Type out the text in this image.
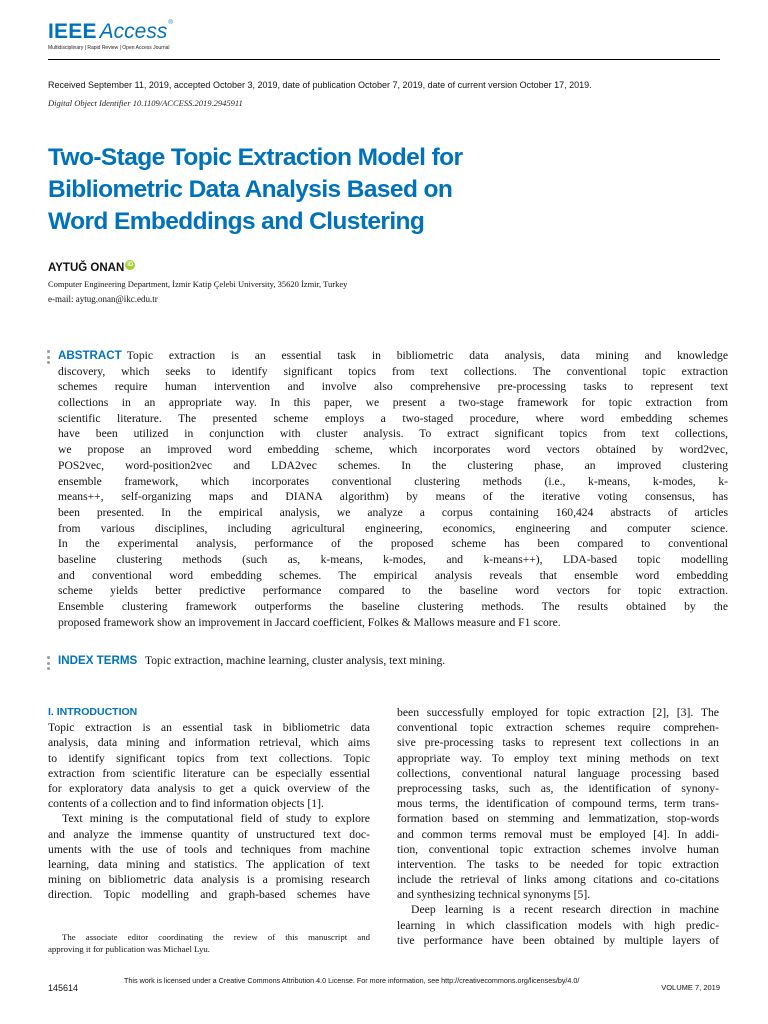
IEEE Access ®
Multidisciplinary | Rapid Review | Open Access Journal
Received September 11, 2019, accepted October 3, 2019, date of publication October 7, 2019, date of current version October 17, 2019.
Digital Object Identifier 10.1109/ACCESS.2019.2945911
Two-Stage Topic Extraction Model for
Bibliometric Data Analysis Based on
Word Embeddings and Clustering
AYTUĞ ONAN iD
Computer Engineering Department, İzmir Katip Çelebi University, 35620 İzmir, Turkey
e-mail: aytug.onan@ikc.edu.tr
ABSTRACT Topic extraction is an essential task in bibliometric data analysis, data mining and knowledge
discovery, which seeks to identify significant topics from text collections. The conventional topic extraction
schemes require human intervention and involve also comprehensive pre-processing tasks to represent text
collections in an appropriate way. In this paper, we present a two-stage framework for topic extraction from
scientific literature. The presented scheme employs a two-staged procedure, where word embedding schemes
have been utilized in conjunction with cluster analysis. To extract significant topics from text collections,
we propose an improved word embedding scheme, which incorporates word vectors obtained by word2vec,
POS2vec, word-position2vec and LDA2vec schemes. In the clustering phase, an improved clustering
ensemble framework, which incorporates conventional clustering methods (i.e., k-means, k-modes, k-
means++, self-organizing maps and DIANA algorithm) by means of the iterative voting consensus, has
been presented. In the empirical analysis, we analyze a corpus containing 160,424 abstracts of articles
from various disciplines, including agricultural engineering, economics, engineering and computer science.
In the experimental analysis, performance of the proposed scheme has been compared to conventional
baseline clustering methods (such as, k-means, k-modes, and k-means++), LDA-based topic modelling
and conventional word embedding schemes. The empirical analysis reveals that ensemble word embedding
scheme yields better predictive performance compared to the baseline word vectors for topic extraction.
Ensemble clustering framework outperforms the baseline clustering methods. The results obtained by the
proposed framework show an improvement in Jaccard coefficient, Folkes & Mallows measure and F1 score.
INDEX TERMS Topic extraction, machine learning, cluster analysis, text mining.
I. INTRODUCTION
Topic extraction is an essential task in bibliometric data
analysis, data mining and information retrieval, which aims
to identify significant topics from text collections. Topic
extraction from scientific literature can be especially essential
for exploratory data analysis to get a quick overview of the
contents of a collection and to find information objects [1].
Text mining is the computational field of study to explore
and analyze the immense quantity of unstructured text doc-
uments with the use of tools and techniques from machine
learning, data mining and statistics. The application of text
mining on bibliometric data analysis is a promising research
direction. Topic modelling and graph-based schemes have
been successfully employed for topic extraction [2], [3]. The
conventional topic extraction schemes require comprehen-
sive pre-processing tasks to represent text collections in an
appropriate way. To employ text mining methods on text
collections, conventional natural language processing based
preprocessing tasks, such as, the identification of synony-
mous terms, the identification of compound terms, term trans-
formation based on stemming and lemmatization, stop-words
and common terms removal must be employed [4]. In addi-
tion, conventional topic extraction schemes involve human
intervention. The tasks to be needed for topic extraction
include the retrieval of links among citations and co-citations
and synthesizing technical synonyms [5].
Deep learning is a recent research direction in machine
learning in which classification models with high predic-
tive performance have been obtained by multiple layers of
The associate editor coordinating the review of this manuscript and
approving it for publication was Michael Lyu.
145614
This work is licensed under a Creative Commons Attribution 4.0 License. For more information, see http://creativecommons.org/licenses/by/4.0/
VOLUME 7, 2019
